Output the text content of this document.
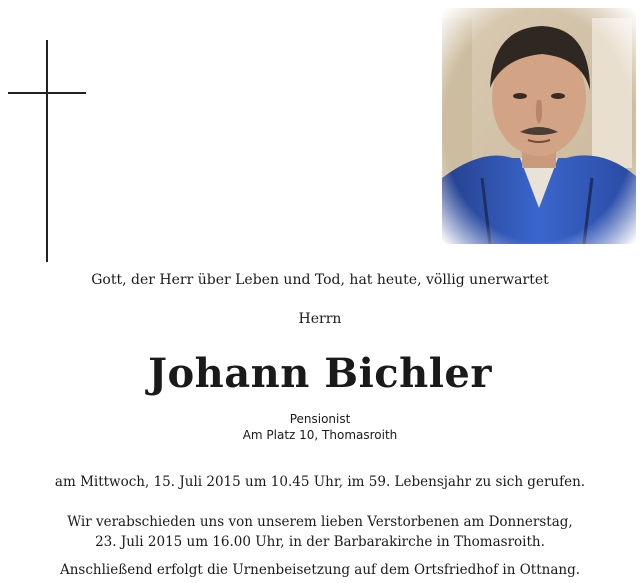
Gott, der Herr über Leben und Tod, hat heute, völlig unerwartet
Herrn
Johann Bichler
Pensionist
Am Platz 10, Thomasroith
am Mittwoch, 15. Juli 2015 um 10.45 Uhr, im 59. Lebensjahr zu sich gerufen.
Wir verabschieden uns von unserem lieben Verstorbenen am Donnerstag,
23. Juli 2015 um 16.00 Uhr, in der Barbarakirche in Thomasroith.
Anschließend erfolgt die Urnenbeisetzung auf dem Ortsfriedhof in Ottnang.
